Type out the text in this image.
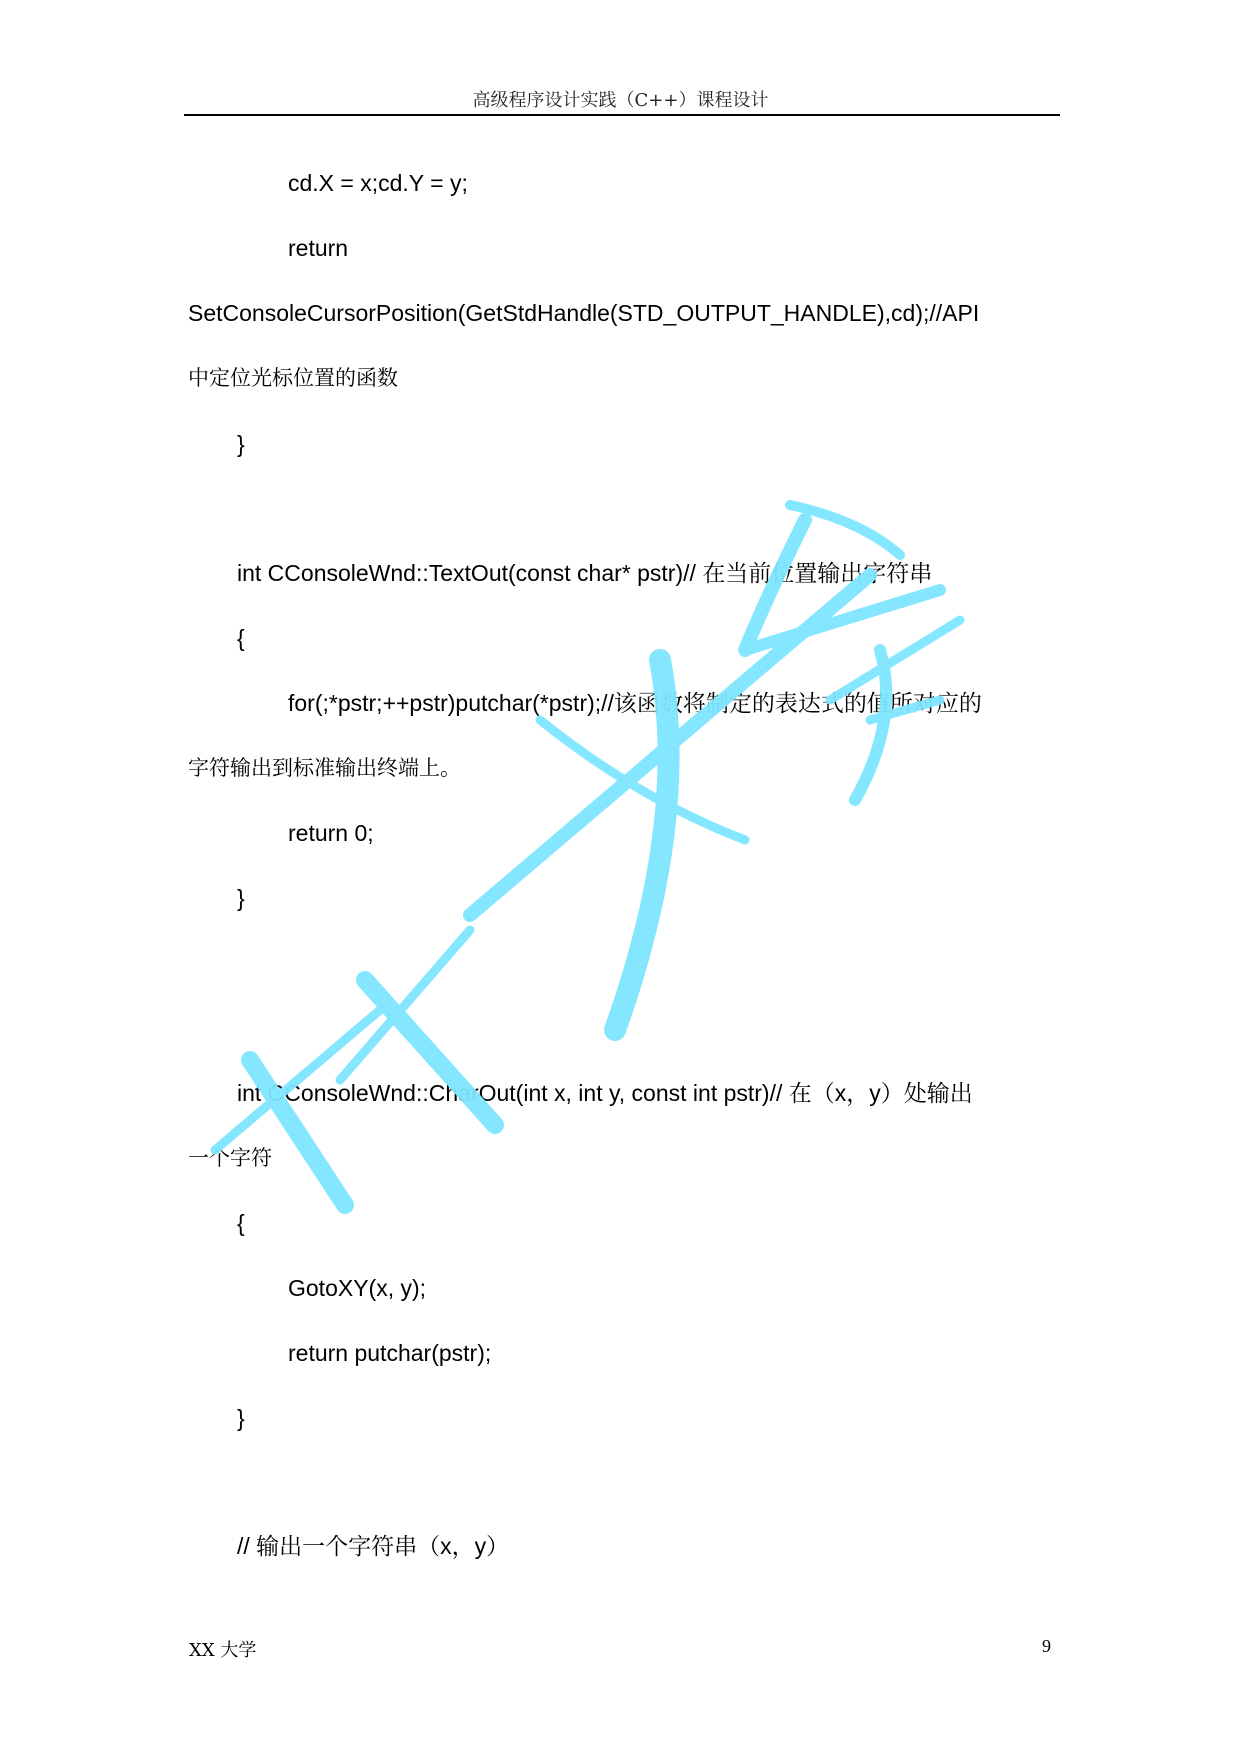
高级程序设计实践（C++）课程设计
cd.X = x;cd.Y = y;
return
SetConsoleCursorPosition(GetStdHandle(STD_OUTPUT_HANDLE),cd);//API
中定位光标位置的函数
}
int CConsoleWnd::TextOut(const char* pstr)// 在当前位置输出字符串
{
for(;*pstr;++pstr)putchar(*pstr);//该函数将制定的表达式的值所对应的
字符输出到标准输出终端上。
return 0;
}
int CConsoleWnd::CharOut(int x, int y, const int pstr)// 在（x，y）处输出
一个字符
{
GotoXY(x, y);
return putchar(pstr);
}
// 输出一个字符串（x，y）
XX 大学	9
